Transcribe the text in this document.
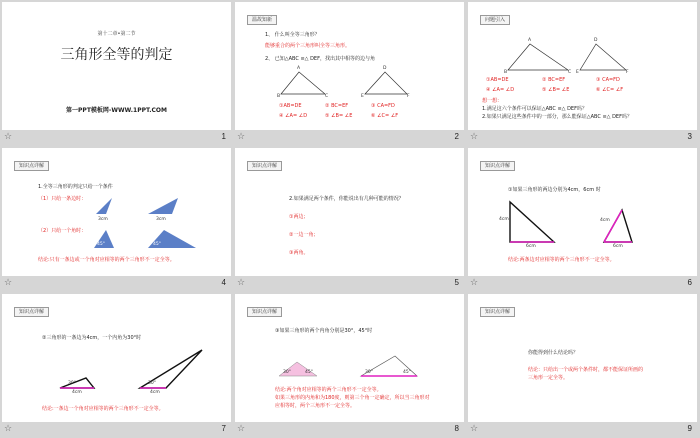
第十二章•第二节
三角形全等的判定
第一PPT模板网-WWW.1PPT.COM
☆	1
温故知新
1、 什么叫全等三角形？
能够重合的两个三角形叫全等三角形。
2、 已知△ABC ≌△ DEF，找出其中相等的边与角
A
B	C
D
E	F
①AB=DE	② BC=EF	③ CA=FD
④ ∠A= ∠D	⑤ ∠B= ∠E	⑥ ∠C= ∠F
☆	2
问题引入
A
B	C
D
E	F
①AB=DE	② BC=EF	③ CA=FD
④ ∠A= ∠D	⑤ ∠B= ∠E	⑥ ∠C= ∠F
想一想：
1.满足这六个条件可以保证△ABC ≌△ DEF吗？
2.如果只满足这些条件中的一部分，那么能保证△ABC ≌△ DEF吗？
☆	3
知识点详解
1.全等三角形的判定只给一个条件
（1）只给一条边时：
（2）只给一个角时：
3cm	3cm
45°	45°
结论:只有一条边或一个角对应相等的两个三角形不一定全等。
☆	4
知识点详解
2.如果满足两个条件，你能说出有几种可能的情况？
①两边；
②一边一角；
③两角。
☆	5
知识点详解
①如果三角形的两边分别为4cm，6cm 时
4cm
6cm
4cm
6cm
结论:两条边对应相等的两个三角形不一定全等。
☆	6
知识点详解
②三角形的一条边为4cm，一个内角为30°时
30°
4cm
30°
4cm
结论:一条边一个角对应相等的两个三角形不一定全等。
☆	7
知识点详解
③如果三角形的两个内角分别是30°，45°时
30°	45°	30°	45°
结论:两个角对应相等的两个三角形不一定全等。
如果三角形的内角和为180度，则第三个角一定确定，所以当三角形对
应相等时，两个三角形不一定全等。
☆	8
知识点详解
你能得到什么结论吗？
结论：只给出一个或两个条件时，都不能保证所画的
三角形一定全等。
☆	9
